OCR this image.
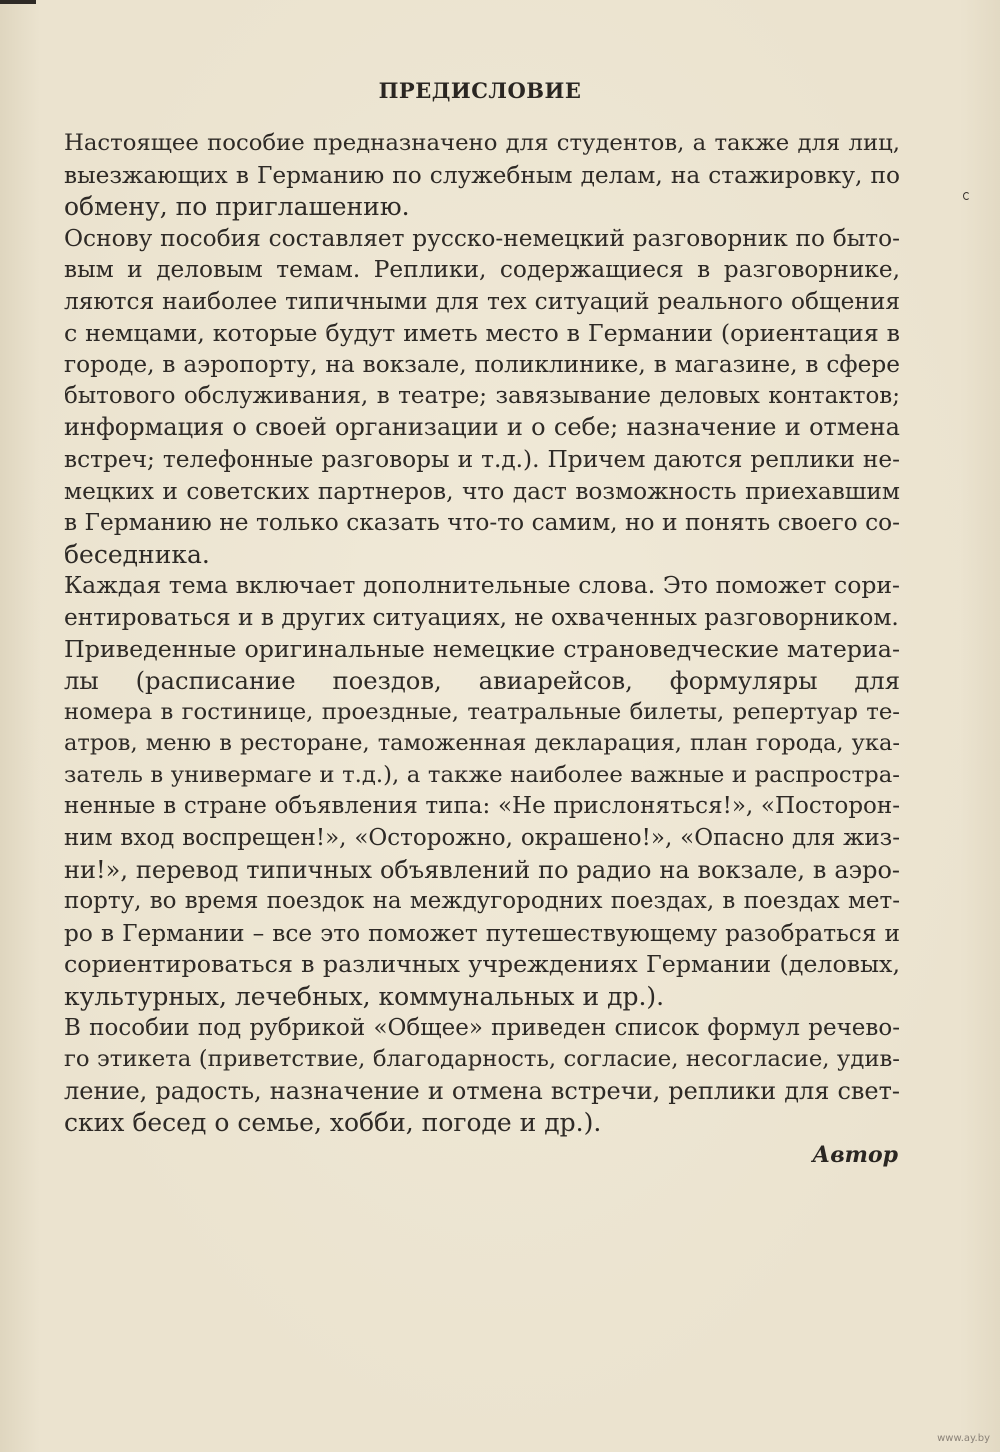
ПРЕДИСЛОВИЕ
Настоящее пособие предназначено для студентов, а также для лиц,
выезжающих в Германию по служебным делам, на стажировку, по
обмену, по приглашению.
Основу пособия составляет русско-немецкий разговорник по быто-
вым и деловым темам. Реплики, содержащиеся в разговорнике,
ляются наиболее типичными для тех ситуаций реального общения
с немцами, которые будут иметь место в Германии (ориентация в
городе, в аэропорту, на вокзале, поликлинике, в магазине, в сфере
бытового обслуживания, в театре; завязывание деловых контактов;
информация о своей организации и о себе; назначение и отмена
встреч; телефонные разговоры и т.д.). Причем даются реплики не-
мецких и советских партнеров, что даст возможность приехавшим
в Германию не только сказать что-то самим, но и понять своего со-
беседника.
Каждая тема включает дополнительные слова. Это поможет сори-
ентироваться и в других ситуациях, не охваченных разговорником.
Приведенные оригинальные немецкие страноведческие материа-
лы (расписание поездов, авиарейсов, формуляры для
номера в гостинице, проездные, театральные билеты, репертуар те-
атров, меню в ресторане, таможенная декларация, план города, ука-
затель в универмаге и т.д.), а также наиболее важные и распростра-
ненные в стране объявления типа: «Не прислоняться!», «Посторон-
ним вход воспрещен!», «Осторожно, окрашено!», «Опасно для жиз-
ни!», перевод типичных объявлений по радио на вокзале, в аэро-
порту, во время поездок на междугородних поездах, в поездах мет-
ро в Германии – все это поможет путешествующему разобраться и
сориентироваться в различных учреждениях Германии (деловых,
культурных, лечебных, коммунальных и др.).
В пособии под рубрикой «Общее» приведен список формул речево-
го этикета (приветствие, благодарность, согласие, несогласие, удив-
ление, радость, назначение и отмена встречи, реплики для свет-
ских бесед о семье, хобби, погоде и др.).
Автор
www.ay.by
